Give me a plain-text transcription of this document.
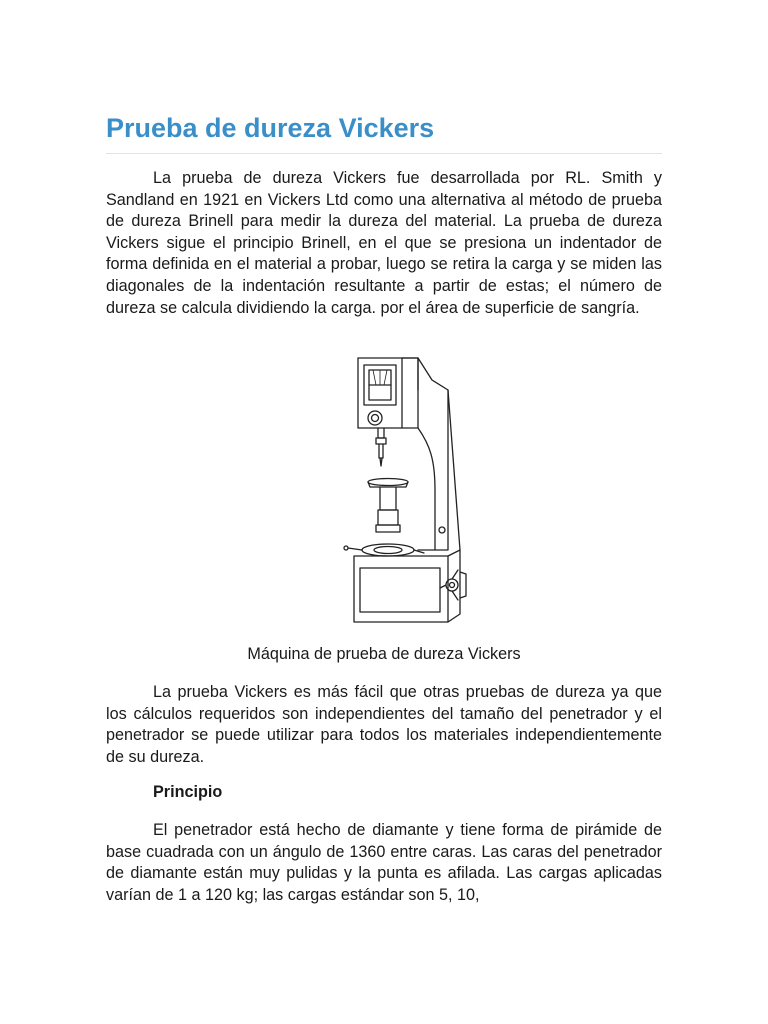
Prueba de dureza Vickers

La prueba de dureza Vickers fue desarrollada por RL. Smith y Sandland en 1921 en Vickers Ltd como una alternativa al método de prueba de dureza Brinell para medir la dureza del material. La prueba de dureza Vickers sigue el principio Brinell, en el que se presiona un indentador de forma definida en el material a probar, luego se retira la carga y se miden las diagonales de la indentación resultante a partir de estas; el número de dureza se calcula dividiendo la carga. por el área de superficie de sangría.

Máquina de prueba de dureza Vickers

La prueba Vickers es más fácil que otras pruebas de dureza ya que los cálculos requeridos son independientes del tamaño del penetrador y el penetrador se puede utilizar para todos los materiales independientemente de su dureza.

Principio

El penetrador está hecho de diamante y tiene forma de pirámide de base cuadrada con un ángulo de 1360 entre caras. Las caras del penetrador de diamante están muy pulidas y la punta es afilada. Las cargas aplicadas varían de 1 a 120 kg; las cargas estándar son 5, 10,
